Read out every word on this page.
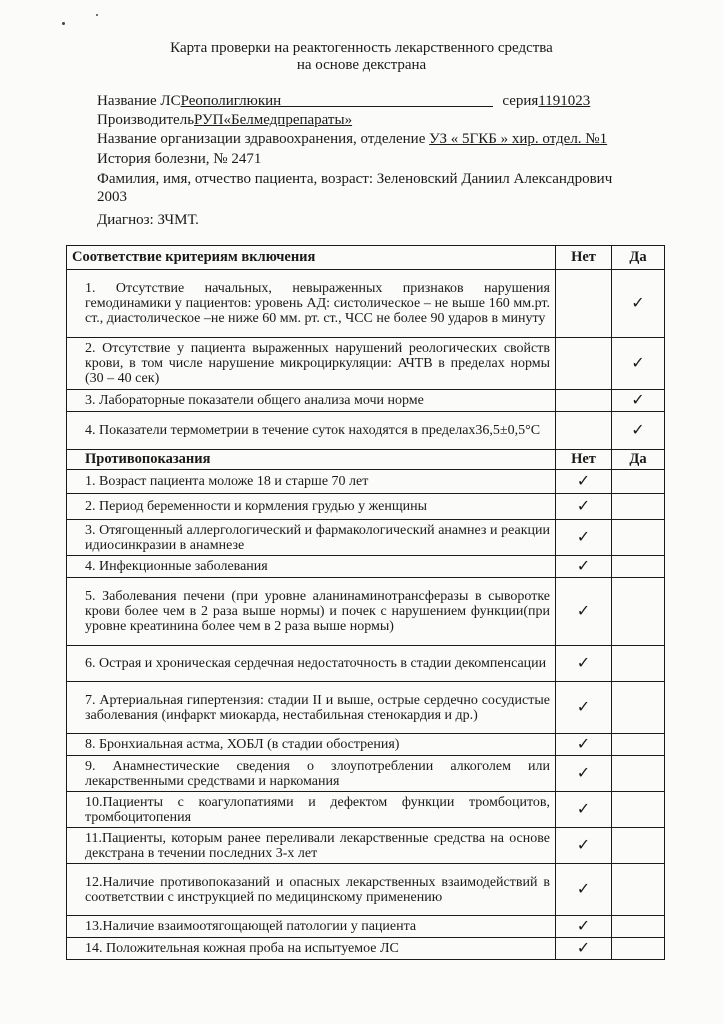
Карта проверки на реактогенность лекарственного средства
на основе декстрана
Название ЛСРеополиглюкин	серия1191023
ПроизводительРУП«Белмедпрепараты»
Название организации здравоохранения, отделение УЗ « 5ГКБ » хир. отдел. №1
История болезни, № 2471
Фамилия, имя, отчество пациента, возраст: Зеленовский Даниил Александрович
2003
Диагноз: ЗЧМТ.
Соответствие критериям включения	Нет	Да
1. Отсутствие начальных, невыраженных признаков нарушения гемодинамики у пациентов: уровень АД: систолическое – не выше 160 мм.рт. ст., диастолическое –не ниже 60 мм. рт. ст., ЧСС не более 90 ударов в минуту		✓
2. Отсутствие у пациента выраженных нарушений реологических свойств крови, в том числе нарушение микроциркуляции: АЧТВ в пределах нормы (30 – 40 сек)		✓
3. Лабораторные показатели общего анализа мочи норме		✓
4. Показатели термометрии в течение суток находятся в пределах36,5±0,5°С		✓
Противопоказания	Нет	Да
1. Возраст пациента моложе 18 и старше 70 лет	✓	
2. Период беременности и кормления грудью у женщины	✓	
3. Отягощенный аллергологический и фармакологический анамнез и реакции идиосинкразии в анамнезе	✓	
4. Инфекционные заболевания	✓	
5. Заболевания печени (при уровне аланинаминотрансферазы в сыворотке крови более чем в 2 раза выше нормы) и почек с нарушением функции(при уровне креатинина более чем в 2 раза выше нормы)	✓	
6. Острая и хроническая сердечная недостаточность в стадии декомпенсации	✓	
7. Артериальная гипертензия: стадии II и выше, острые сердечно сосудистые заболевания (инфаркт миокарда, нестабильная стенокардия и др.)	✓	
8. Бронхиальная астма, ХОБЛ (в стадии обострения)	✓	
9. Анамнестические сведения о злоупотреблении алкоголем или лекарственными средствами и наркомания	✓	
10.Пациенты с коагулопатиями и дефектом функции тромбоцитов, тромбоцитопения	✓	
11.Пациенты, которым ранее переливали лекарственные средства на основе декстрана в течении последних 3-х лет	✓	
12.Наличие противопоказаний и опасных лекарственных взаимодействий в соответствии с инструкцией по медицинскому применению	✓	
13.Наличие взаимоотягощающей патологии у пациента	✓	
14. Положительная кожная проба на испытуемое ЛС	✓	
